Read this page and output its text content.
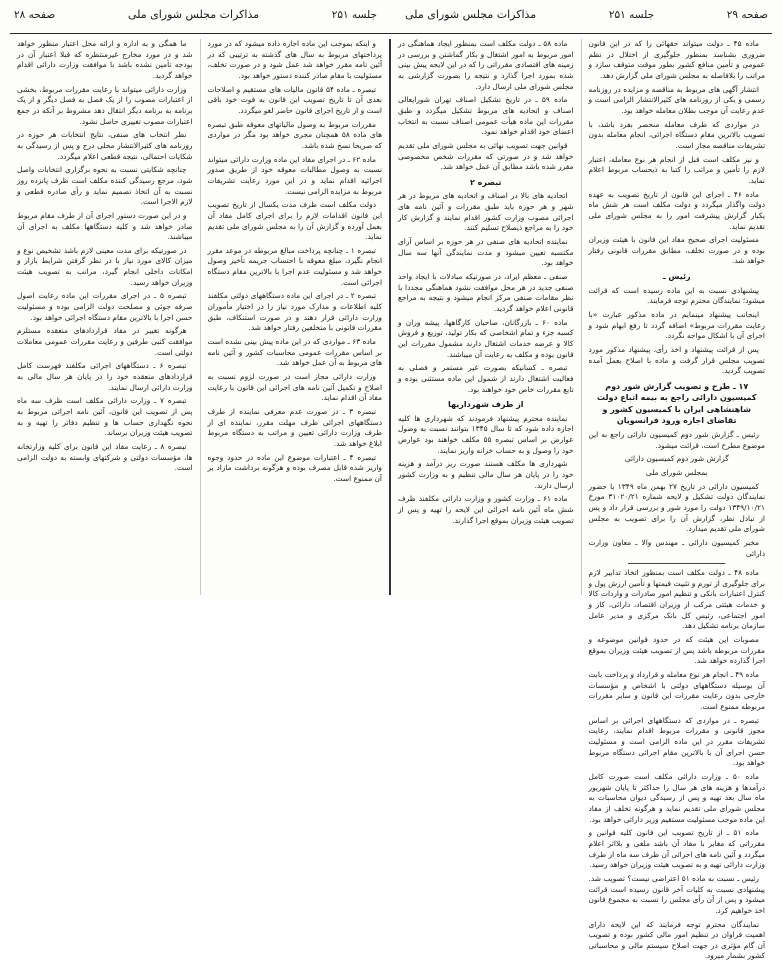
صفحه ۲۹
جلسه ۲۵۱
مذاکرات مجلس شورای ملی
جلسه ۲۵۱
مذاکرات مجلس شورای ملی
صفحه ۲۸

ماده ۴۵ ـ دولت میتواند حقهائی را که در این قانون ضروری بشناسد بمنظور جلوگیری از اختلال در نظم عمومی و تأمین منافع کشور بطور موقت متوقف سازد و مراتب را بلافاصله به مجلس شورای ملی گزارش دهد.

انتشار آگهی های مربوط به مناقصه و مزایده در روزنامه رسمی و یکی از روزنامه های کثیرالانتشار الزامی است و عدم رعایت آن موجب بطلان معامله خواهد بود.

در مواردی که طرف معامله منحصر بفرد باشد، با تصویب بالاترین مقام دستگاه اجرائی، انجام معامله بدون تشریفات مناقصه مجاز است.

و نیز مکلف است قبل از انجام هر نوع معامله، اعتبار لازم را تأمین و مراتب را کتبا به ذیحساب مربوط اعلام نماید.

ماده ۴۶ ـ اجرای این قانون از تاریخ تصویب به عهده دولت واگذار میگردد و دولت مکلف است هر شش ماه یکبار گزارش پیشرفت امور را به مجلس شورای ملی تقدیم نماید.

مسئولیت اجرای صحیح مفاد این قانون با هیئت وزیران بوده و در صورت تخلف، مطابق مقررات قانونی رفتار خواهد شد.

رئیس ـ

پیشنهادی نسبت به این ماده رسیده است که قرائت میشود؛ نمایندگان محترم توجه فرمایند.

اینجانب پیشنهاد مینمایم در ماده مذکور عبارت «با رعایت مقررات مربوط» اضافه گردد تا رفع ابهام شود و اجرای آن با اشکال مواجه نگردد.

پس از قرائت پیشنهاد و اخذ رأی، پیشنهاد مذکور مورد تصویب مجلس قرار گرفت و ماده با اصلاح بعمل آمده تصویب گردید.

۱۷ ـ طرح و تصویب گزارش شور دوم کمیسیون دارائی راجع به بیمه اتباع دولت شاهنشاهی ایران با کمیسیون کشور و تقاضای اجازه ورود فرانسویان

رئیس ـ گزارش شور دوم کمیسیون دارائی راجع به این موضوع مطرح است، قرائت میشود.

گزارش شور دوم کمیسیون دارائی

بمجلس شورای ملی

کمیسیون دارائی در تاریخ ۲۷ بهمن ماه ۱۳۴۹ با حضور نمایندگان دولت تشکیل و لایحه شماره ۳۱۰۲۰/۲۱ مورخ ۱۳۴۹/۱۰/۲۱ دولت را مورد شور و بررسی قرار داد و پس از تبادل نظر، گزارش آن را برای تصویب به مجلس شورای ملی تقدیم میدارد.

مخبر کمیسیون دارائی ـ مهندس والا ـ معاون وزارت دارائی

ماده ۴۸ ـ دولت مکلف است بمنظور اتخاذ تدابیر لازم برای جلوگیری از تورم و تثبیت قیمتها و تأمین ارزش پول و کنترل اعتبارات بانکی و تنظیم امور صادرات و واردات کالا و خدمات هیئتی مرکب از وزیران اقتصاد، دارائی، کار و امور اجتماعی، رئیس کل بانک مرکزی و مدیر عامل سازمان برنامه تشکیل دهد.

مصوبات این هیئت که در حدود قوانین موضوعه و مقررات مربوطه باشد پس از تصویب هیئت وزیران بموقع اجرا گذارده خواهد شد.

ماده ۴۹ ـ انجام هر نوع معامله و قرارداد و پرداخت بابت آن بوسیله دستگاههای دولتی با اشخاص و مؤسسات خارجی بدون رعایت مقررات این قانون و سایر مقررات مربوطه ممنوع است.

تبصره ـ در مواردی که دستگاههای اجرائی بر اساس مجوز قانونی و مقررات مربوط اقدام نمایند، رعایت تشریفات مقرر در این ماده الزامی است و مسئولیت حسن اجرای آن با بالاترین مقام اجرائی دستگاه مربوط خواهد بود.

ماده ۵۰ ـ وزارت دارائی مکلف است صورت کامل درآمدها و هزینه های هر سال را حداکثر تا پایان شهریور ماه سال بعد تهیه و پس از رسیدگی دیوان محاسبات به مجلس شورای ملی تقدیم نماید و هرگونه تخلف از مفاد این ماده موجب مسئولیت مستقیم وزیر دارائی خواهد بود.

ماده ۵۱ ـ از تاریخ تصویب این قانون کلیه قوانین و مقرراتی که مغایر با مفاد آن باشد ملغی و بلااثر اعلام میگردد و آئین نامه های اجرائی آن ظرف سه ماه از طرف وزارت دارائی تهیه و به تصویب هیئت وزیران خواهد رسید.

رئیس ـ نسبت به ماده ۵۱ اعتراضی نیست؟ تصویب شد. پیشنهادی نسبت به کلیات آخر قانون رسیده است قرائت میشود و پس از آن رأی مجلس را نسبت به مجموع قانون اخذ خواهیم کرد.

نمایندگان محترم توجه فرمایند که این لایحه دارای اهمیت فراوان در تنظیم امور مالی کشور بوده و تصویب آن گام مؤثری در جهت اصلاح سیستم مالی و محاسباتی کشور بشمار میرود.

ماده ۵۸ ـ دولت مکلف است بمنظور ایجاد هماهنگی در امور مربوط به امور اشتغال و بکار گماشتن و بررسی در زمینه های اقتصادی مقرراتی را که در این لایحه پیش بینی شده بمورد اجرا گذارد و نتیجه را بصورت گزارشی به مجلس شورای ملی ارسال دارد.

ماده ۵۹ ـ در تاریخ تشکیل اصناف تهران شورایعالی اصناف و اتحادیه های مربوط تشکیل میگردد و طبق مقررات این ماده هیأت عمومی اصناف نسبت به انتخاب اعضای خود اقدام خواهد نمود.

قوانین جهت تصویب نهائی به مجلس شورای ملی تقدیم خواهد شد و در صورتی که مقررات شخص مخصوصی مقرر شده باشد مطابق آن عمل خواهد شد.

تبصره ۲

اتحادیه های بالا در اصناف و اتحادیه های مربوط در هر شهر و هر حوزه باید طبق مقررات و آئین نامه های اجرائی مصوب وزارت کشور اقدام نمایند و گزارش کار خود را به مراجع ذیصلاح تسلیم کنند.

نماینده اتحادیه های صنفی در هر حوزه بر اساس آرای مکتسبه تعیین میشود و مدت نمایندگی آنها سه سال خواهد بود.

صنفی ـ معظم ایراد، در صورتیکه مبادلات با ایجاد واحد صنفی جدید در هر محل موافقت نشود هماهنگی مجددا با نظر مقامات صنفی مرکز انجام میشود و نتیجه به مراجع قانونی اعلام خواهد گردید.

ماده ۶۰ ـ بازرگانان، صاحبان کارگاهها، پیشه وران و کسبه جزء و تمام اشخاصی که بکار تولید، توزیع و فروش کالا و عرضه خدمات اشتغال دارند مشمول مقررات این قانون بوده و مکلف به رعایت آن میباشند.

تبصره ـ کسانیکه بصورت غیر مستمر و فصلی به فعالیت اشتغال دارند از شمول این ماده مستثنی بوده و تابع مقررات خاص خود خواهند بود.

از طرف شهرداریها

نماینده محترم پیشنهاد فرمودند که شهرداری ها کلیه اجازه داده شود که تا سال ۱۳۴۵ بتوانند نسبت به وصول عوارض بر اساس تبصره ۵۵ مکلف خواهند بود عوارض خود را وصول و به حساب خزانه واریز نمایند.

شهرداری ها مکلف هستند صورت ریز درآمد و هزینه خود را در پایان هر سال مالی تنظیم و به وزارت کشور ارسال دارند.

ماده ۶۱ ـ وزارت کشور و وزارت دارائی مکلفند ظرف شش ماه آئین نامه اجرائی این لایحه را تهیه و پس از تصویب هیئت وزیران بموقع اجرا گذارند.

و اینکه بموجب این ماده اجازه داده میشود که در مورد پرداختهای مربوط به سال های گذشته به ترتیبی که در آئین نامه مقرر خواهد شد عمل شود و در صورت تخلف، مسئولیت با مقام صادر کننده دستور خواهد بود.

تبصره ـ ماده ۵۴ قانون مالیات های مستقیم و اصلاحات بعدی آن تا تاریخ تصویب این قانون به قوت خود باقی است و از تاریخ اجرای قانون حاضر لغو میگردد.

مقررات مربوط به وصول مالیاتهای معوقه طبق تبصره های ماده ۵۸ همچنان مجری خواهد بود مگر در مواردی که صریحا نسخ شده باشد.

ماده ۶۲ ـ در اجرای مفاد این ماده وزارت دارائی میتواند نسبت به وصول مطالبات معوقه خود از طریق صدور اجرائیه اقدام نماید و در این مورد رعایت تشریفات مربوط به مزایده الزامی نیست.

دولت مکلف است ظرف مدت یکسال از تاریخ تصویب این قانون اقدامات لازم را برای اجرای کامل مفاد آن بعمل آورده و گزارش آن را به مجلس شورای ملی تقدیم نماید.

تبصره ۱ ـ چنانچه پرداخت مبالغ مربوطه در موعد مقرر انجام نگیرد، مبلغ معوقه با احتساب جریمه تأخیر وصول خواهد شد و مسئولیت عدم اجرا با بالاترین مقام دستگاه اجرائی است.

تبصره ۲ ـ در اجرای این ماده دستگاههای دولتی مکلفند کلیه اطلاعات و مدارک مورد نیاز را در اختیار مأموران وزارت دارائی قرار دهند و در صورت استنکاف، طبق مقررات قانونی با متخلفین رفتار خواهد شد.

ماده ۶۳ ـ مواردی که در این ماده پیش بینی نشده است بر اساس مقررات عمومی محاسبات کشور و آئین نامه های مربوط به آن عمل خواهد شد.

وزارت دارائی مجاز است در صورت لزوم نسبت به اصلاح و تکمیل آئین نامه های اجرائی این قانون با رعایت مفاد آن اقدام نماید.

تبصره ۳ ـ در صورت عدم معرفی نماینده از طرف دستگاههای اجرائی ظرف مهلت مقرر، نماینده ای از طرف وزارت دارائی تعیین و مراتب به دستگاه مربوط ابلاغ خواهد شد.

تبصره ۴ ـ اعتبارات موضوع این ماده در حدود وجوه واریز شده قابل مصرف بوده و هرگونه برداشت مازاد بر آن ممنوع است.

ما همگی و به اداره و ارائه محل اعتبار منظور خواهد شد و در مورد مخارج غیرمنتظره که قبلا اعتبار آن در بودجه تأمین نشده باشد با موافقت وزارت دارائی اقدام خواهد گردید.

وزارت دارائی میتواند با رعایت مقررات مربوط، بخشی از اعتبارات مصوب را از یک فصل به فصل دیگر و از یک برنامه به برنامه دیگر انتقال دهد مشروط بر آنکه در جمع اعتبارات مصوب تغییری حاصل نشود.

نظر انتخاب های صنفی، نتایج انتخابات هر حوزه در روزنامه های کثیرالانتشار محلی درج و پس از رسیدگی به شکایات احتمالی، نتیجه قطعی اعلام میگردد.

چنانچه شکایتی نسبت به نحوه برگزاری انتخابات واصل شود، مرجع رسیدگی کننده مکلف است ظرف پانزده روز نسبت به آن اتخاذ تصمیم نماید و رأی صادره قطعی و لازم الاجرا است.

و در این صورت دستور اجرای آن از طرف مقام مربوط صادر خواهد شد و کلیه دستگاهها مکلف به اجرای آن میباشند.

در صورتیکه برای مدت معینی لازم باشد تشخیص نوع و میزان کالای مورد نیاز با در نظر گرفتن شرایط بازار و امکانات داخلی انجام گیرد، مراتب به تصویب هیئت وزیران خواهد رسید.

تبصره ۵ ـ در اجرای مقررات این ماده رعایت اصول صرفه جوئی و مصلحت دولت الزامی بوده و مسئولیت حسن اجرا با بالاترین مقام دستگاه اجرائی خواهد بود.

هرگونه تغییر در مفاد قراردادهای منعقده مستلزم موافقت کتبی طرفین و رعایت مقررات عمومی معاملات دولتی است.

تبصره ۶ ـ دستگاههای اجرائی مکلفند فهرست کامل قراردادهای منعقده خود را در پایان هر سال مالی به وزارت دارائی ارسال نمایند.

تبصره ۷ ـ وزارت دارائی مکلف است ظرف سه ماه پس از تصویب این قانون، آئین نامه اجرائی مربوط به نحوه نگهداری حساب ها و تنظیم دفاتر را تهیه و به تصویب هیئت وزیران برساند.

تبصره ۸ ـ رعایت مفاد این قانون برای کلیه وزارتخانه ها، مؤسسات دولتی و شرکتهای وابسته به دولت الزامی است.
